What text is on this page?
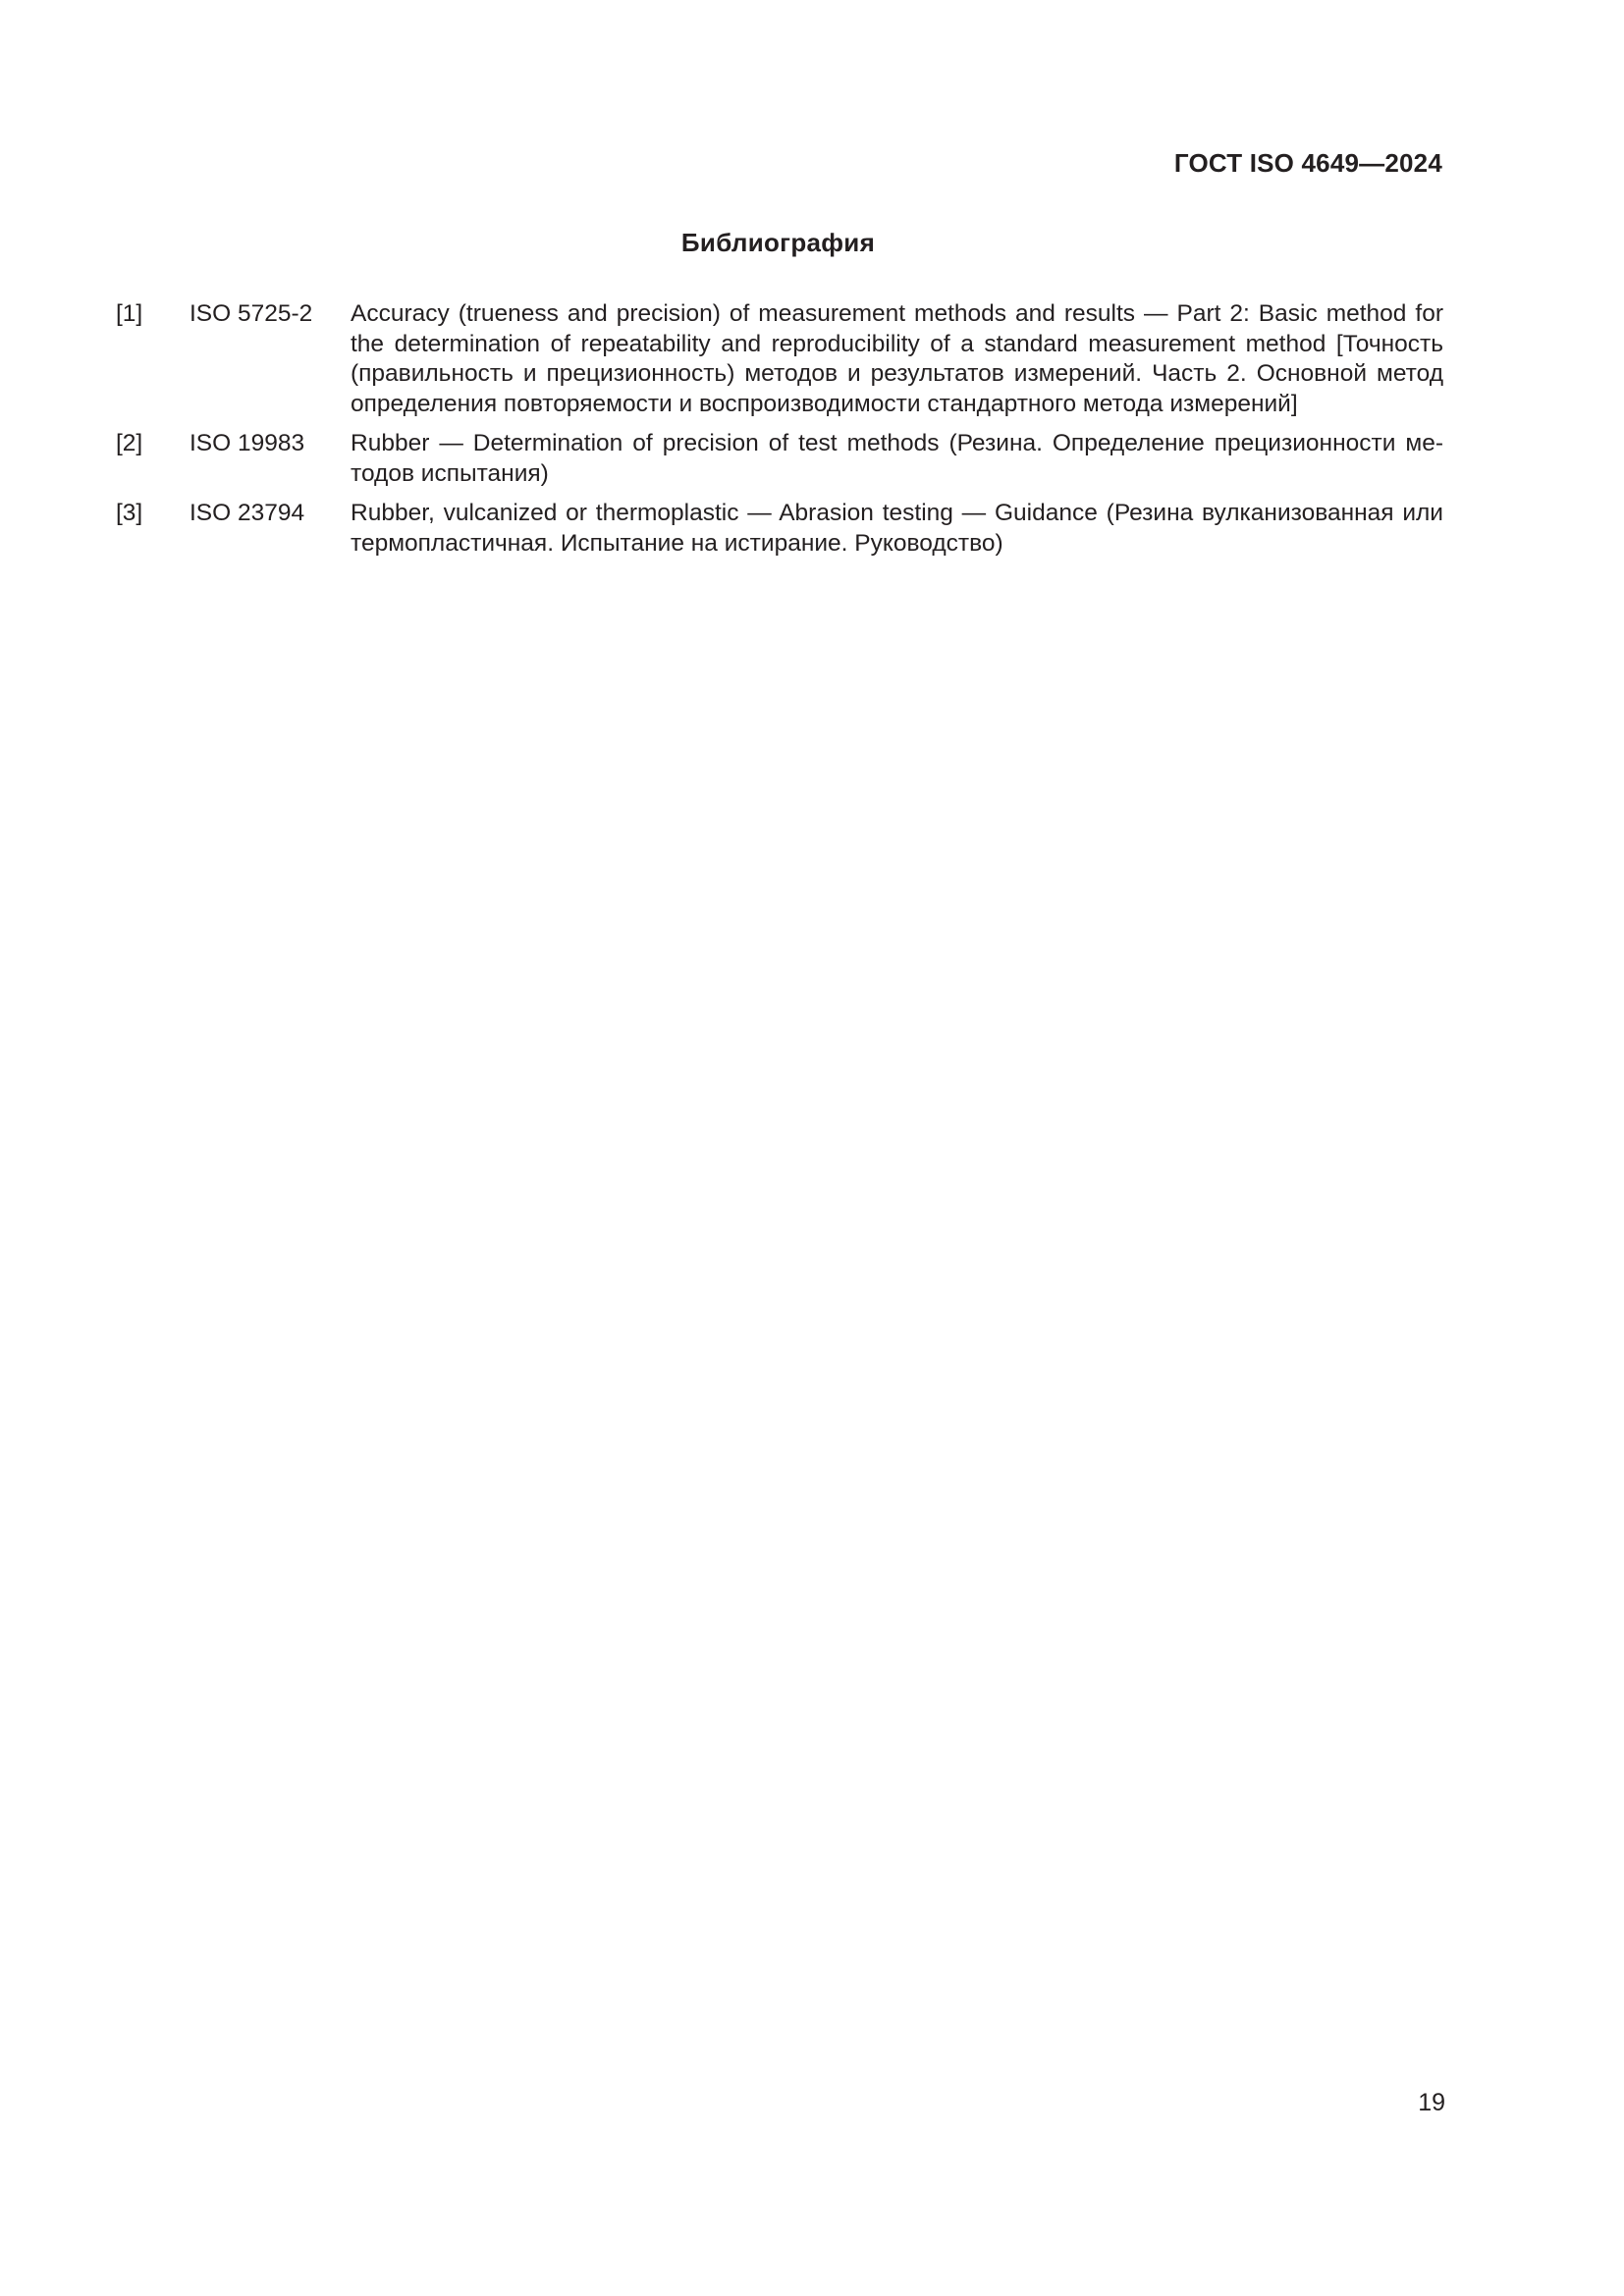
ГОСТ ISO 4649—2024
Библиография
[1] ISO 5725-2 Accuracy (trueness and precision) of measurement methods and results — Part 2: Basic method for the determination of repeatability and reproducibility of a standard measurement method [Точность (правильность и прецизионность) методов и результатов измерений. Часть 2. Основной метод определения повторяемости и воспроизводимости стандартного метода измерений]
[2] ISO 19983 Rubber — Determination of precision of test methods (Резина. Определение прецизионности методов испытания)
[3] ISO 23794 Rubber, vulcanized or thermoplastic — Abrasion testing — Guidance (Резина вулканизованная или термопластичная. Испытание на истирание. Руководство)
19
